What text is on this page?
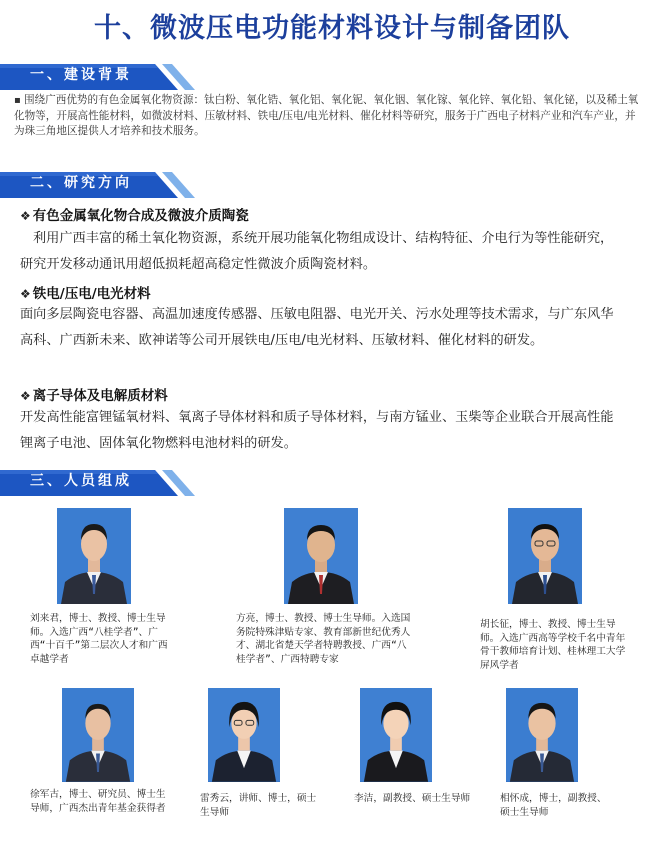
十、微波压电功能材料设计与制备团队
一、建设背景
▪ 围绕广西优势的有色金属氧化物资源：钛白粉、氧化锆、氧化铝、氧化铌、氧化铟、氧化镓、氧化锌、氧化铅、氧化铋，以及稀土氧化物等，开展高性能材料，如微波材料、压敏材料、铁电/压电/电光材料、催化材料等研究，服务于广西电子材料产业和汽车产业，并为珠三角地区提供人才培养和技术服务。
二、研究方向
❖ 有色金属氧化物合成及微波介质陶瓷
利用广西丰富的稀土氧化物资源，系统开展功能氧化物组成设计、结构特征、介电行为等性能研究，研究开发移动通讯用超低损耗超高稳定性微波介质陶瓷材料。
❖ 铁电/压电/电光材料
面向多层陶瓷电容器、高温加速度传感器、压敏电阻器、电光开关、污水处理等技术需求，与广东风华高科、广西新未来、欧神诺等公司开展铁电/压电/电光材料、压敏材料、催化材料的研发。
❖ 离子导体及电解质材料
开发高性能富锂锰氧材料、氧离子导体材料和质子导体材料，与南方锰业、玉柴等企业联合开展高性能锂离子电池、固体氧化物燃料电池材料的研发。
三、人员组成
刘来君，博士、教授、博士生导师。入选广西“八桂学者”、广西“十百千”第二层次人才和广西卓越学者
方亮，博士、教授、博士生导师。入选国务院特殊津贴专家、教育部新世纪优秀人才、湖北省楚天学者特聘教授、广西“八桂学者”、广西特聘专家
胡长征，博士、教授、博士生导师。入选广西高等学校千名中青年骨干教师培育计划、桂林理工大学屏风学者
徐军古，博士、研究员、博士生导师，广西杰出青年基金获得者
雷秀云，讲师、博士，硕士生导师
李洁，副教授、硕士生导师	相怀成，博士，副教授、硕士生导师
